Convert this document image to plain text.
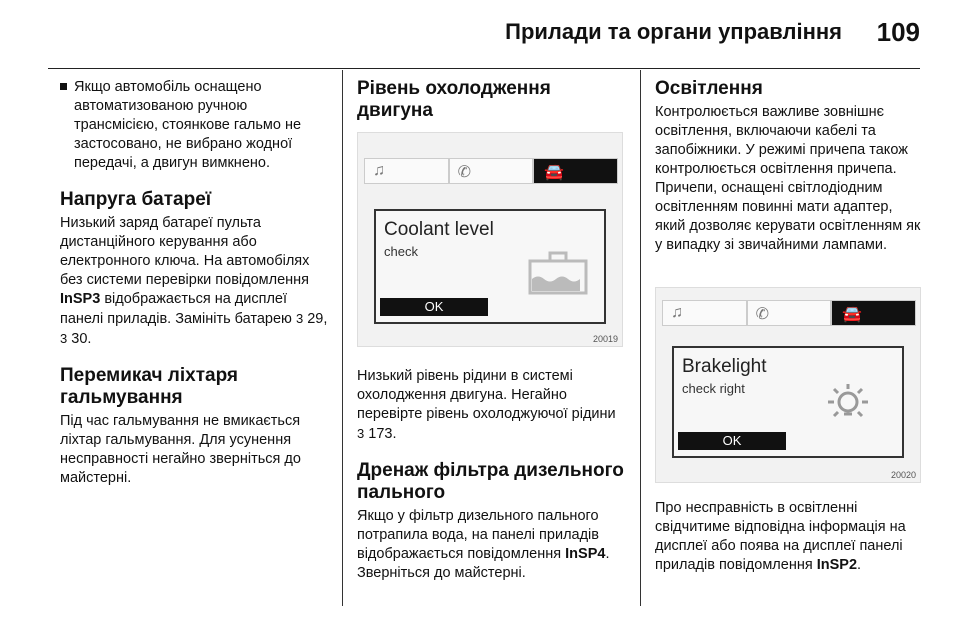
Прилади та органи управління 109
Якщо автомобіль оснащено автоматизованою ручною трансмісією, стоянкове гальмо не застосовано, не вибрано жодної передачі, а двигун вимкнено.
Напруга батареї

Низький заряд батареї пульта дистанційного керування або електронного ключа. На автомобілях без системи перевірки повідомлення InSP3 відображається на дисплеї панелі приладів. Замініть батарею 3 29,
3 30.

Перемикач ліхтаря гальмування

Під час гальмування не вмикається ліхтар гальмування. Для усунення несправності негайно зверніться до майстерні.

Рівень охолодження двигуна
♫	✆	🚘
Coolant level
check
OK
20019

Низький рівень рідини в системі охолодження двигуна. Негайно перевірте рівень охолоджуючої рідини 3 173.

Дренаж фільтра дизельного пального

Якщо у фільтр дизельного пального потрапила вода, на панелі приладів відображається повідомлення InSP4. Зверніться до майстерні.

Освітлення

Контролюється важливе зовнішнє освітлення, включаючи кабелі та запобіжники. У режимі причепа також контролюється освітлення причепа. Причепи, оснащені світлодіодним освітленням повинні мати адаптер, який дозволяє керувати освітленням як у випадку зі звичайними лампами.

♫	✆	🚘
Brakelight
check right
OK
20020

Про несправність в освітленні свідчитиме відповідна інформація на дисплеї або поява на дисплеї панелі приладів повідомлення InSP2.
